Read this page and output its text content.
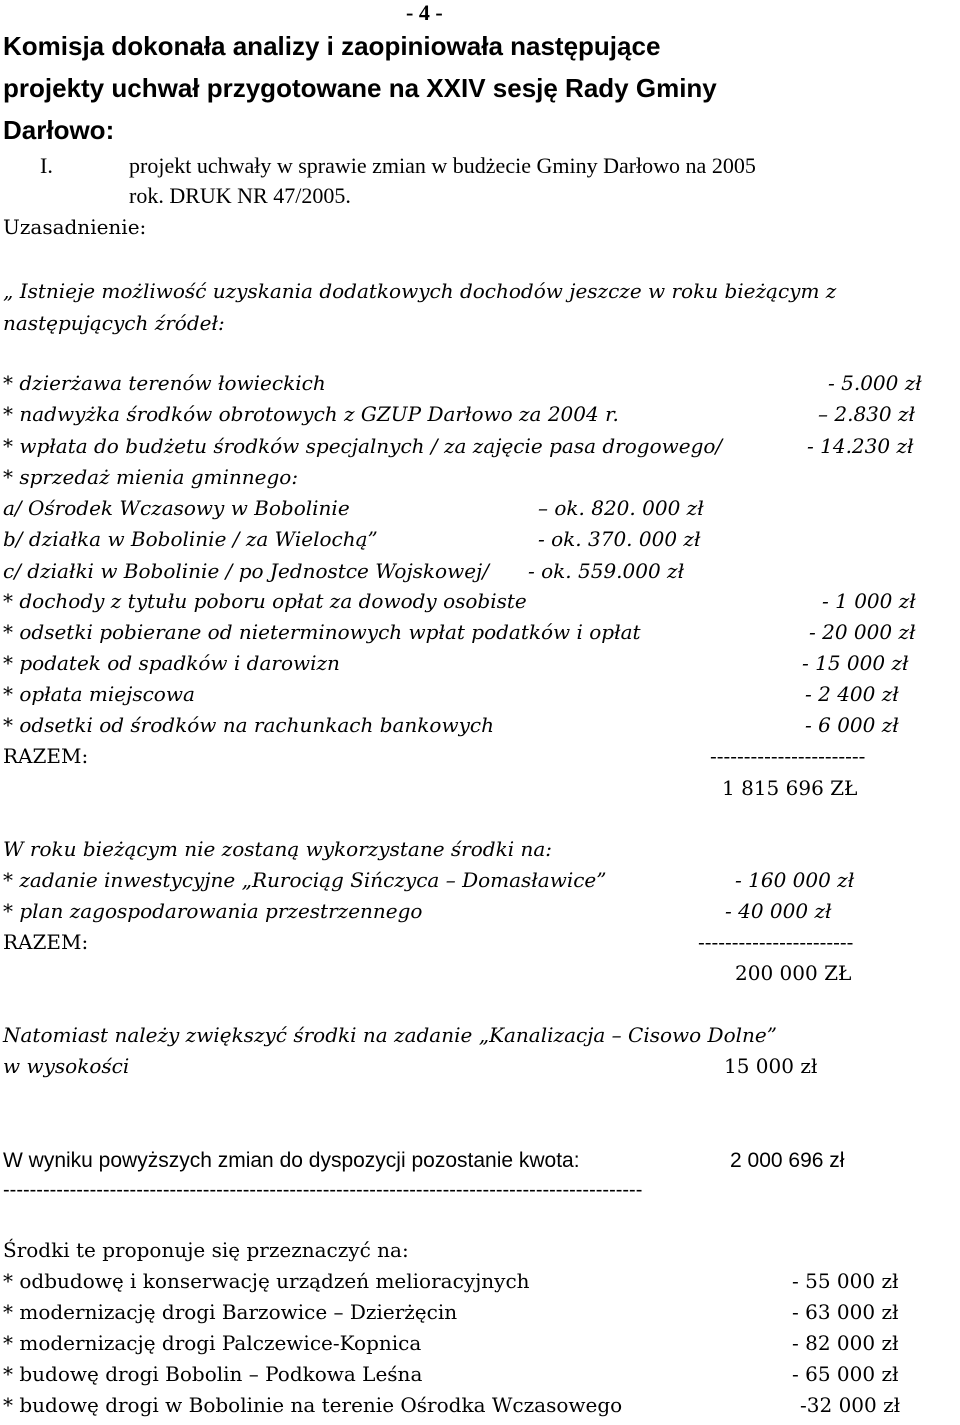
- 4 -
Komisja dokonała analizy i zaopiniowała następujące
projekty uchwał przygotowane na XXIV sesję Rady Gminy
Darłowo:
I.	projekt uchwały w sprawie zmian w budżecie Gminy Darłowo na 2005
rok. DRUK NR 47/2005.
Uzasadnienie:
„ Istnieje możliwość uzyskania dodatkowych dochodów jeszcze w roku bieżącym z
następujących źródeł:
* dzierżawa terenów łowieckich	- 5.000 zł
* nadwyżka środków obrotowych z GZUP Darłowo za 2004 r.	– 2.830 zł
* wpłata do budżetu środków specjalnych / za zajęcie pasa drogowego/	- 14.230 zł
* sprzedaż mienia gminnego:
a/ Ośrodek Wczasowy w Bobolinie	– ok. 820. 000 zł
b/ działka w Bobolinie / za Wielochą”	- ok. 370. 000 zł
c/ działki w Bobolinie / po Jednostce Wojskowej/ - ok. 559.000 zł
* dochody z tytułu poboru opłat za dowody osobiste	- 1 000 zł
* odsetki pobierane od nieterminowych wpłat podatków i opłat	- 20 000 zł
* podatek od spadków i darowizn	- 15 000 zł
* opłata miejscowa	- 2 400 zł
* odsetki od środków na rachunkach bankowych	- 6 000 zł
RAZEM:	-----------------------
1 815 696 ZŁ
W roku bieżącym nie zostaną wykorzystane środki na:
* zadanie inwestycyjne „Rurociąg Sińczyca – Domasławice”	- 160 000 zł
* plan zagospodarowania przestrzennego	- 40 000 zł
RAZEM:	-----------------------
200 000 ZŁ
Natomiast należy zwiększyć środki na zadanie „Kanalizacja – Cisowo Dolne”
w wysokości	15 000 zł
W wyniku powyższych zmian do dyspozycji pozostanie kwota:	2 000 696 zł
------------------------------------------------------------------------------------------------
Środki te proponuje się przeznaczyć na:
* odbudowę i konserwację urządzeń melioracyjnych	- 55 000 zł
* modernizację drogi Barzowice – Dzierżęcin	- 63 000 zł
* modernizację drogi Palczewice-Kopnica	- 82 000 zł
* budowę drogi Bobolin – Podkowa Leśna	- 65 000 zł
* budowę drogi w Bobolinie na terenie Ośrodka Wczasowego	-32 000 zł
